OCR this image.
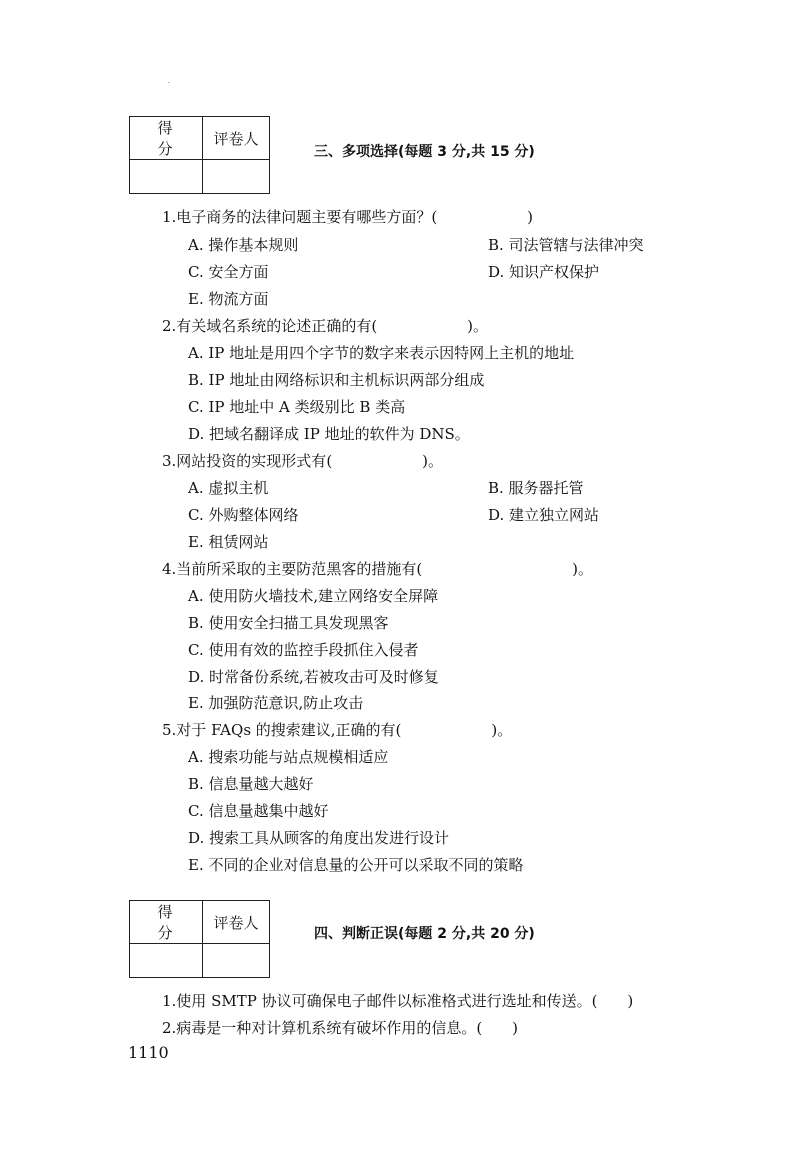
·
得 分	评卷人

三、多项选择(每题 3 分,共 15 分)
1.电子商务的法律问题主要有哪些方面？(　　　　　　)
A. 操作基本规则	B. 司法管辖与法律冲突
C. 安全方面	D. 知识产权保护
E. 物流方面
2.有关域名系统的论述正确的有(　　　　　　)。
A. IP 地址是用四个字节的数字来表示因特网上主机的地址
B. IP 地址由网络标识和主机标识两部分组成
C. IP 地址中 A 类级别比 B 类高
D. 把域名翻译成 IP 地址的软件为 DNS。
3.网站投资的实现形式有(　　　　　　)。
A. 虚拟主机	B. 服务器托管
C. 外购整体网络	D. 建立独立网站
E. 租赁网站
4.当前所采取的主要防范黑客的措施有(　　　　　　　　　　)。
A. 使用防火墙技术,建立网络安全屏障
B. 使用安全扫描工具发现黑客
C. 使用有效的监控手段抓住入侵者
D. 时常备份系统,若被攻击可及时修复
E. 加强防范意识,防止攻击
5.对于 FAQs 的搜索建议,正确的有(　　　　　　)。
A. 搜索功能与站点规模相适应
B. 信息量越大越好
C. 信息量越集中越好
D. 搜索工具从顾客的角度出发进行设计
E. 不同的企业对信息量的公开可以采取不同的策略
得 分	评卷人

四、判断正误(每题 2 分,共 20 分)
1.使用 SMTP 协议可确保电子邮件以标准格式进行选址和传送。(　　)
2.病毒是一种对计算机系统有破坏作用的信息。(　　)
1110
